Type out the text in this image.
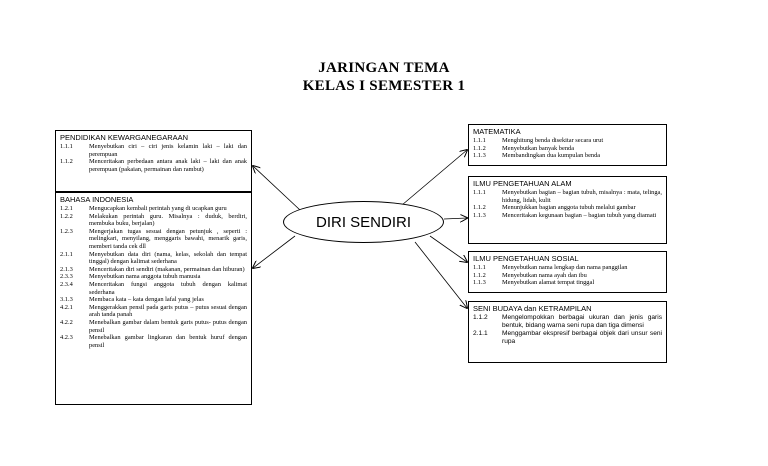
JARINGAN TEMA
KELAS I SEMESTER 1
DIRI SENDIRI
PENDIDIKAN KEWARGANEGARAAN
1.1.1	Menyebutkan ciri – ciri jenis kelamin laki – laki dan perempuan
1.1.2	Menceritakan perbedaan antara anak laki – laki dan anak perempuan (pakaian, permainan dan rambut)
BAHASA INDONESIA
1.2.1	Mengucapkan kembali perintah yang di ucapkan guru
1.2.2	Melakukan perintah guru. Misalnya : duduk, berdiri, membuka buku, berjalan)
1.2.3	Mengerjakan tugas sesuai dengan petunjuk , seperti : melingkari, menyilang, menggaris bawahi, menarik garis, memberi tanda cek dll
2.1.1	Menyebutkan data diri (nama, kelas, sekolah dan tempat tinggal) dengan kalimat sederhana
2.1.3	Menceritakan diri sendiri (makanan, permainan dan hiburan)
2.3.3	Menyebutkan nama anggota tubuh manusia
2.3.4	Menceritakan fungsi anggota tubuh dengan kalimat sederhana
3.1.3	Membaca kata – kata dengan lafal yang jelas
4.2.1	Menggerakkan pensil pada garis putus – putus sesuai dengan arah tanda panah
4.2.2	Menebalkan gambar dalam bentuk garis putus- putus dengan pensil
4.2.3	Menebalkan gambar lingkaran dan bentuk huruf dengan pensil
MATEMATIKA
1.1.1	Menghitung benda disekitar secara urut
1.1.2	Menyebutkan banyak benda
1.1.3	Membandingkan dua kumpulan benda
ILMU PENGETAHUAN ALAM
1.1.1	Menyebutkan bagian – bagian tubuh, misalnya : mata, telinga, hidung, lidah, kulit
1.1.2	Menunjukkan bagian anggota tubuh melalui gambar
1.1.3	Menceritakan kegunaan bagian – bagian tubuh yang diamati
ILMU PENGETAHUAN SOSIAL
1.1.1	Menyebutkan nama lengkap dan nama panggilan
1.1.2	Menyebutkan nama ayah dan ibu
1.1.3	Menyebutkan alamat tempat tinggal
SENI BUDAYA dan KETRAMPILAN
1.1.2	Mengelompokkan berbagai ukuran dan jenis garis bentuk, bidang warna seni rupa dan tiga dimensi
2.1.1	Menggambar ekspresif berbagai objek dari unsur seni rupa
